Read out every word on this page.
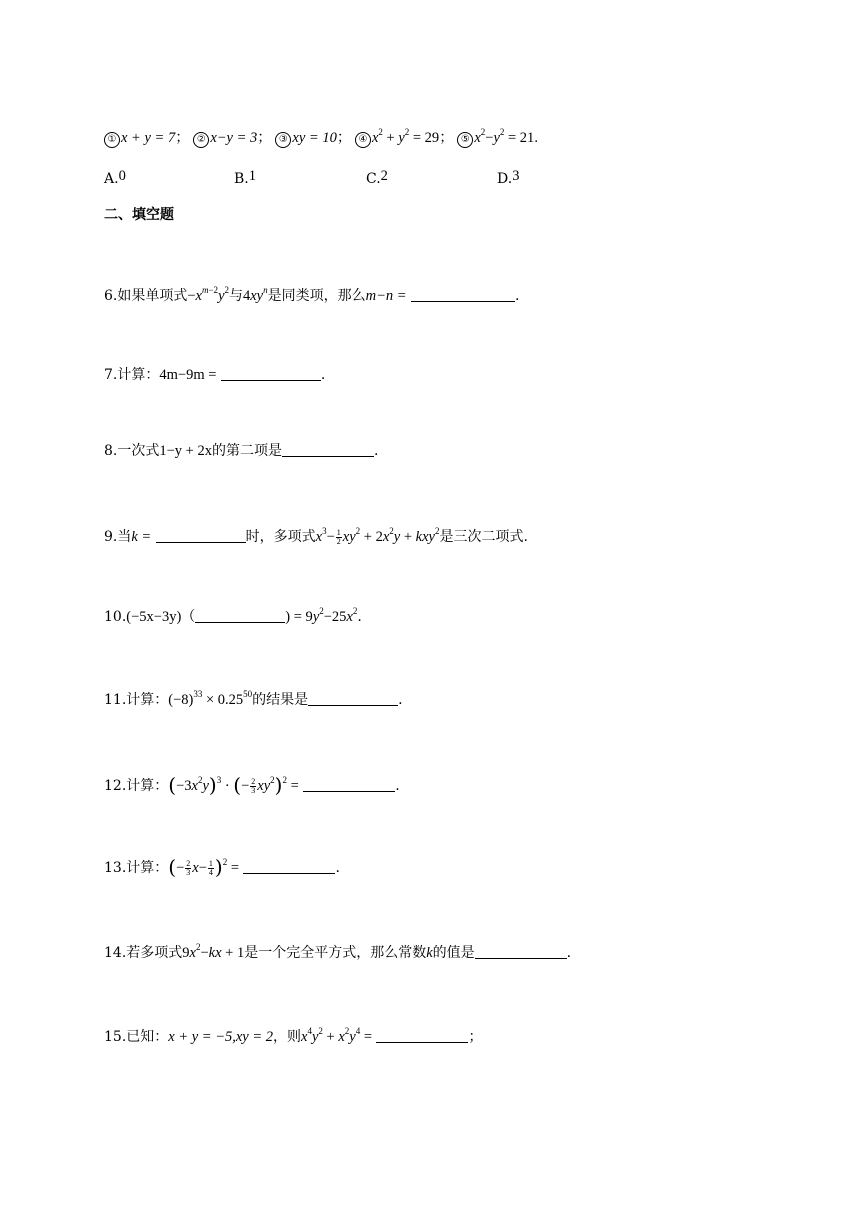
① x + y = 7； ② x−y = 3； ③ xy = 10； ④ $x^2 + y^2 = 29$； ⑤ $x^2-y^2 = 21$.
A.0	B.1	C.2	D.3
二、填空题
6.如果单项式$-x^{m-2}y^2$与$4xy^n$是同类项，那么m−n =	.
7.计算：4m−9m =	.
8.一次式1−y + 2x的第二项是	.
9.当k =	时，多项式$x^3- \frac{1}{2} xy^2 + 2x^2y + kxy^2$是三次二项式.
10.(−5x−3y)（	) = $9y^2-25x^2$.
11.计算：$(-8)^{33} \times 0.25^{50}$的结果是	.
12.计算：$(-3x^2y)^3$ · (− $\frac{2}{3} xy^2)^2$ =	.
13.计算：(− $\frac{2}{3} x- \frac{1}{4} )^2$ =	.
14.若多项式$9x^2-kx + 1$是一个完全平方式，那么常数k的值是	.
15.已知：x + y = −5,xy = 2，则$x^4y^2 + x^2y^4$ =	；
